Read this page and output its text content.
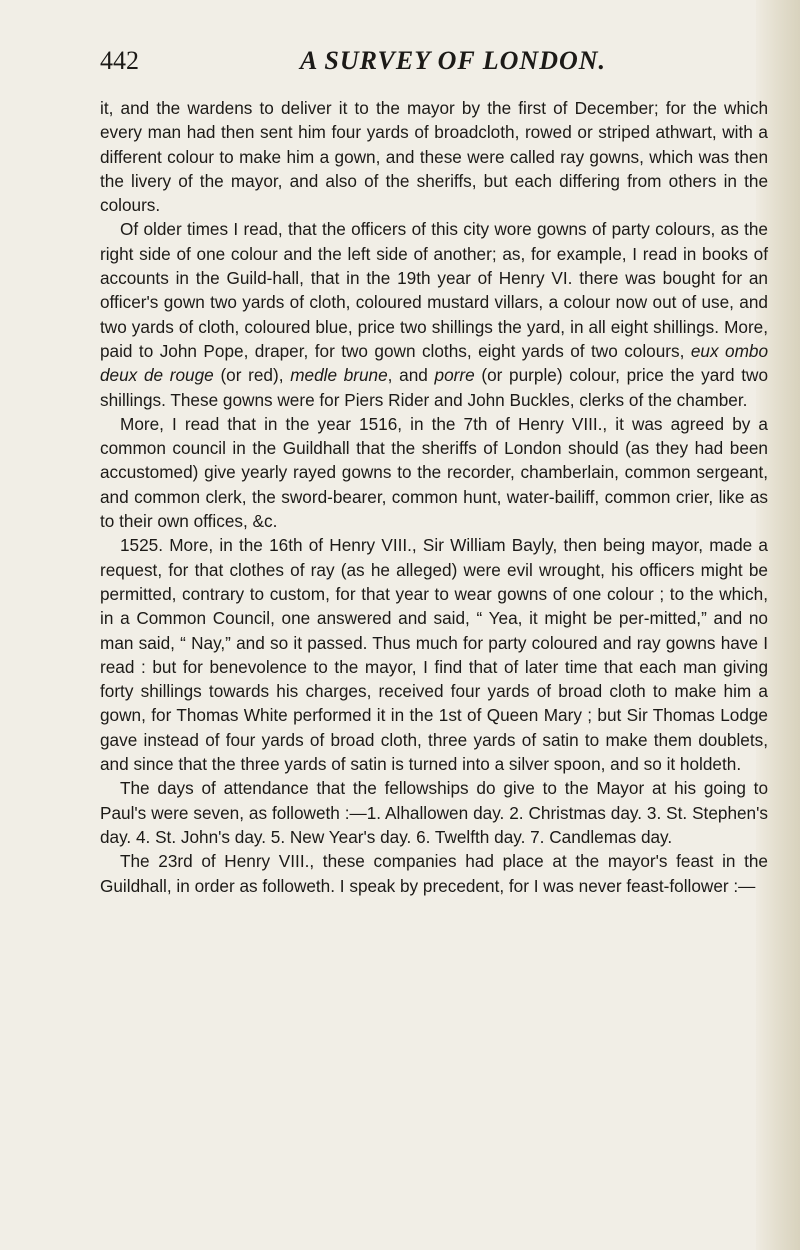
442	A SURVEY OF LONDON.

it, and the wardens to deliver it to the mayor by the first of December; for the which every man had then sent him four yards of broadcloth, rowed or striped athwart, with a different colour to make him a gown, and these were called ray gowns, which was then the livery of the mayor, and also of the sheriffs, but each differing from others in the colours.

Of older times I read, that the officers of this city wore gowns of party colours, as the right side of one colour and the left side of another; as, for example, I read in books of accounts in the Guild-hall, that in the 19th year of Henry VI. there was bought for an officer's gown two yards of cloth, coloured mustard villars, a colour now out of use, and two yards of cloth, coloured blue, price two shillings the yard, in all eight shillings. More, paid to John Pope, draper, for two gown cloths, eight yards of two colours, eux ombo deux de rouge (or red), medle brune, and porre (or purple) colour, price the yard two shillings. These gowns were for Piers Rider and John Buckles, clerks of the chamber.

More, I read that in the year 1516, in the 7th of Henry VIII., it was agreed by a common council in the Guildhall that the sheriffs of London should (as they had been accustomed) give yearly rayed gowns to the recorder, chamberlain, common sergeant, and common clerk, the sword-bearer, common hunt, water-bailiff, common crier, like as to their own offices, &c.

1525. More, in the 16th of Henry VIII., Sir William Bayly, then being mayor, made a request, for that clothes of ray (as he alleged) were evil wrought, his officers might be permitted, contrary to custom, for that year to wear gowns of one colour ; to the which, in a Common Council, one answered and said, “ Yea, it might be per-mitted,” and no man said, “ Nay,” and so it passed. Thus much for party coloured and ray gowns have I read : but for benevolence to the mayor, I find that of later time that each man giving forty shillings towards his charges, received four yards of broad cloth to make him a gown, for Thomas White performed it in the 1st of Queen Mary ; but Sir Thomas Lodge gave instead of four yards of broad cloth, three yards of satin to make them doublets, and since that the three yards of satin is turned into a silver spoon, and so it holdeth.

The days of attendance that the fellowships do give to the Mayor at his going to Paul's were seven, as followeth :—1. Alhallowen day. 2. Christmas day. 3. St. Stephen's day. 4. St. John's day. 5. New Year's day. 6. Twelfth day. 7. Candlemas day.

The 23rd of Henry VIII., these companies had place at the mayor's feast in the Guildhall, in order as followeth. I speak by precedent, for I was never feast-follower :—
